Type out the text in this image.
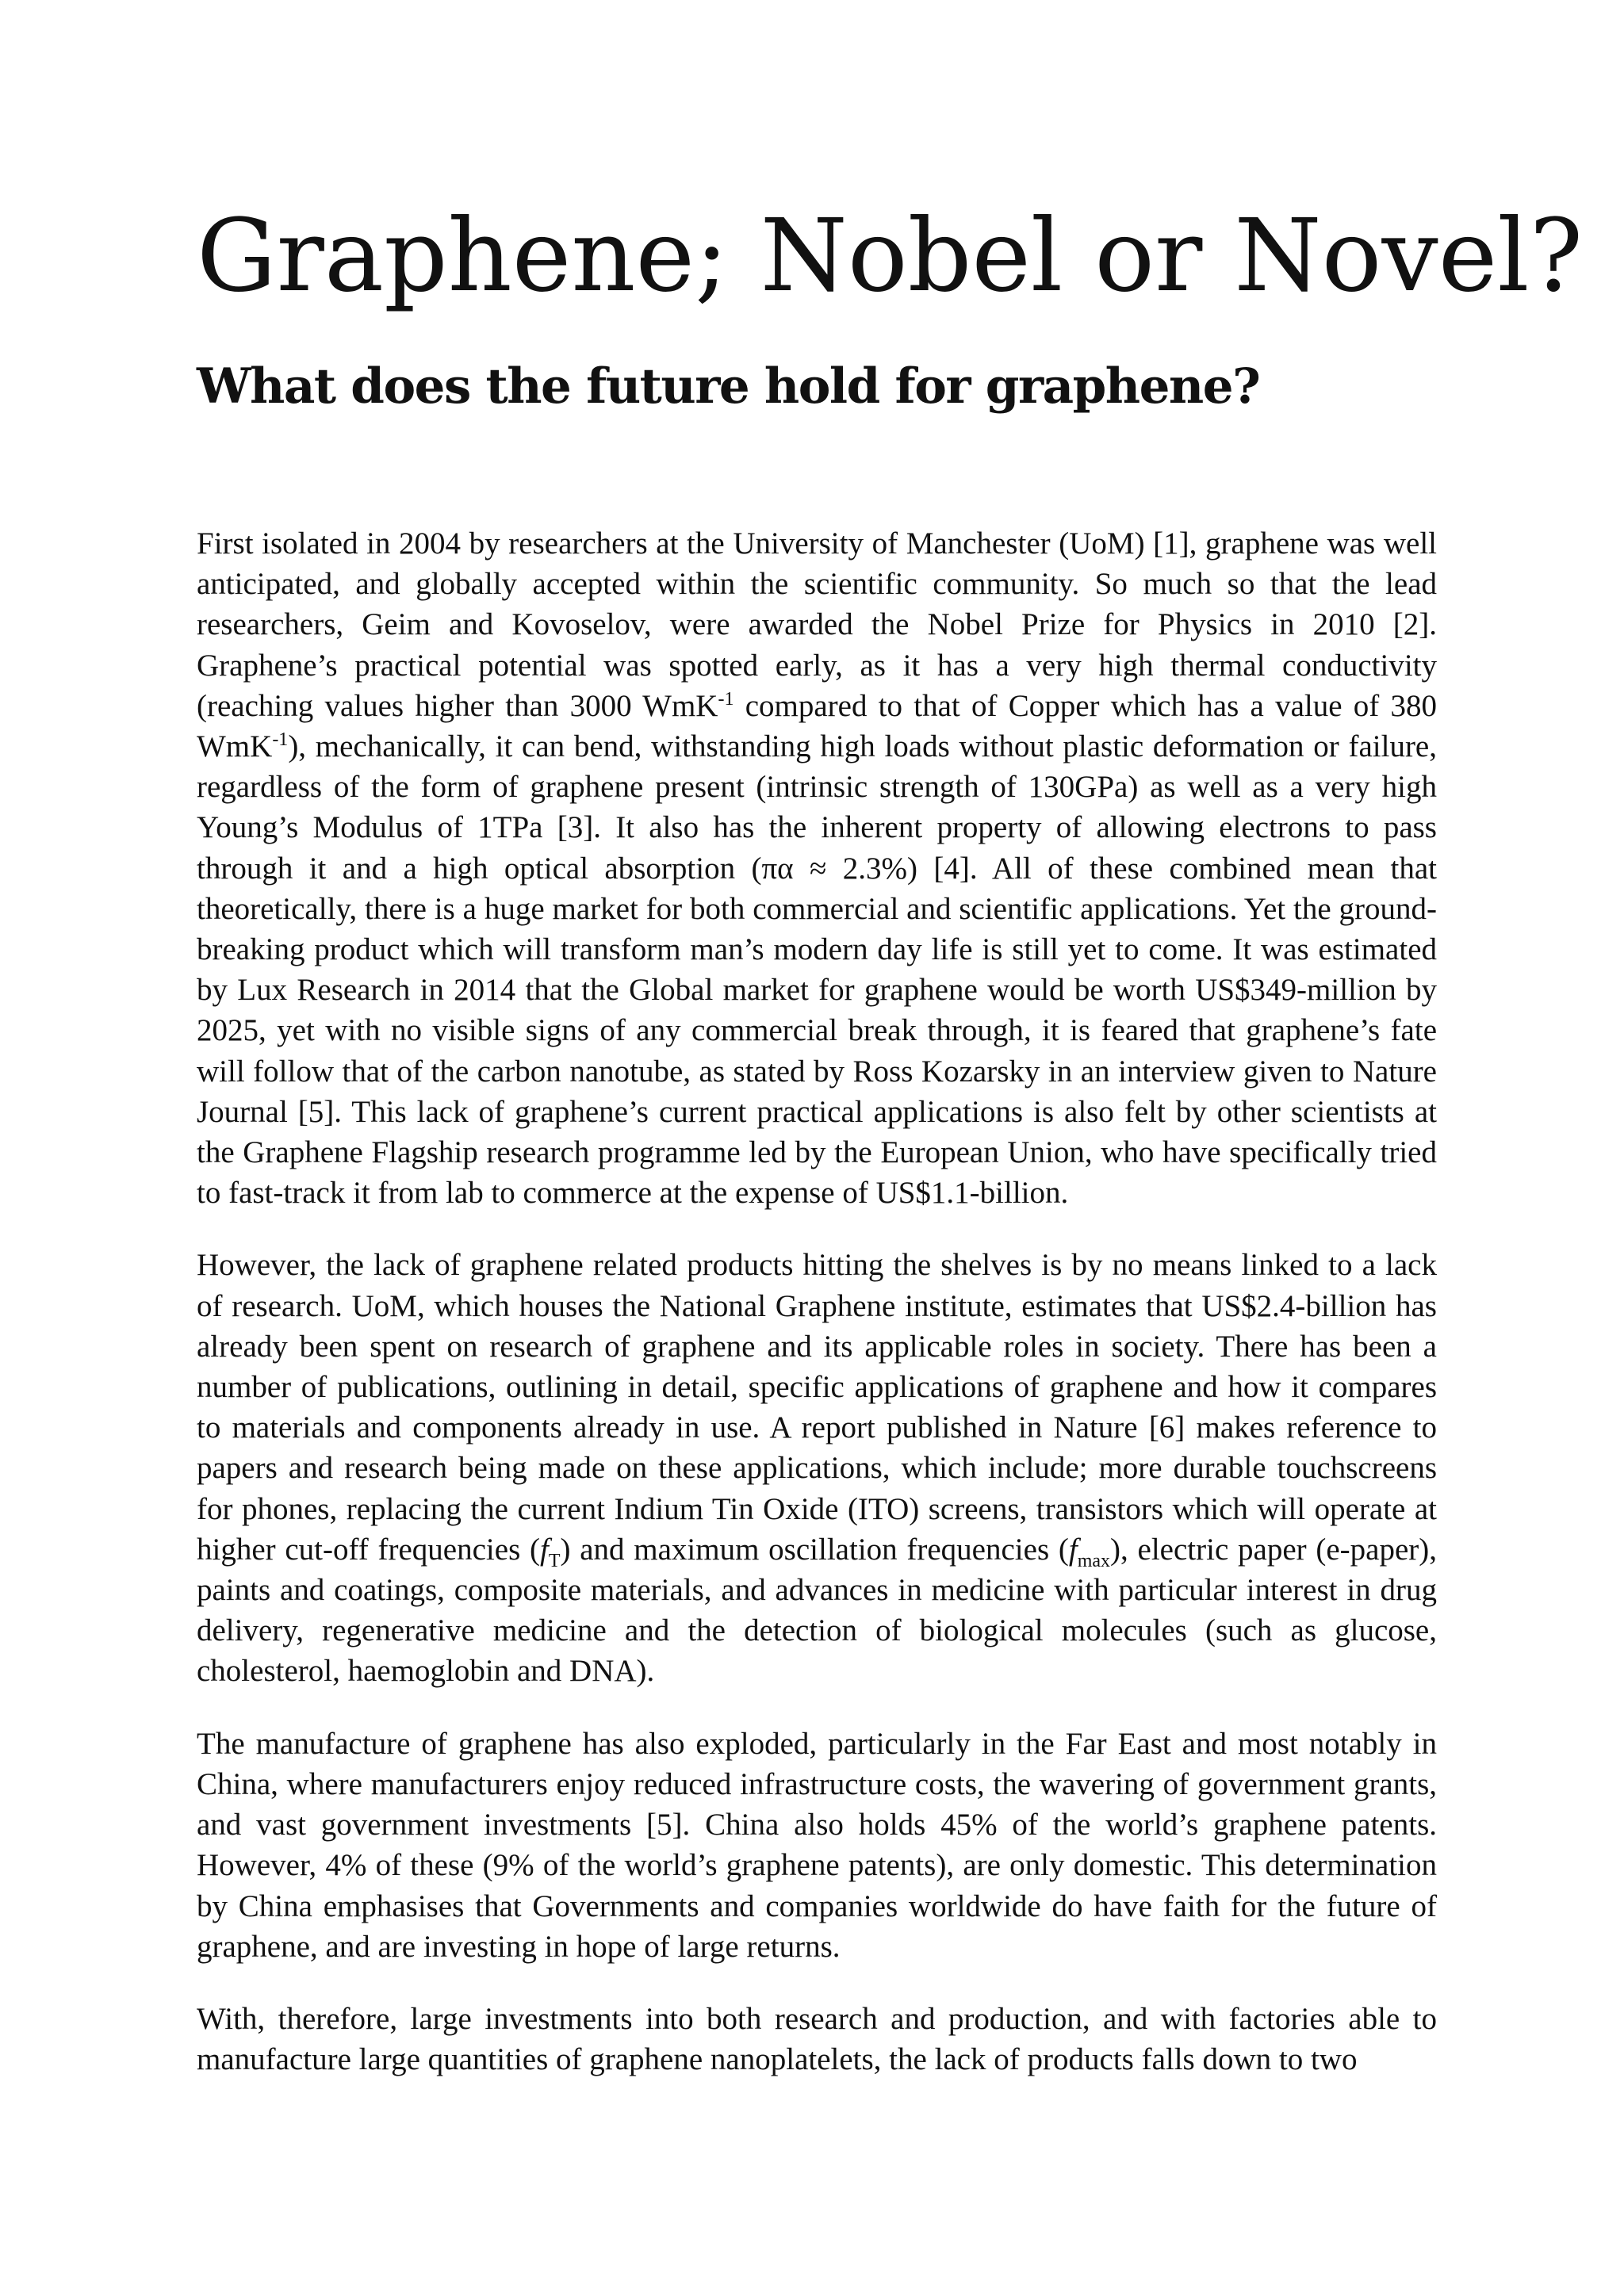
Graphene; Nobel or Novel?
What does the future hold for graphene?

First isolated in 2004 by researchers at the University of Manchester (UoM) [1], graphene was well anticipated, and globally accepted within the scientific community. So much so that the lead researchers, Geim and Kovoselov, were awarded the Nobel Prize for Physics in 2010 [2]. Graphene’s practical potential was spotted early, as it has a very high thermal conductivity (reaching values higher than 3000 WmK$^{-1}$ compared to that of Copper which has a value of 380 WmK$^{-1}$), mechanically, it can bend, withstanding high loads without plastic deformation or failure, regardless of the form of graphene present (intrinsic strength of 130GPa) as well as a very high Young’s Modulus of 1TPa [3]. It also has the inherent property of allowing electrons to pass through it and a high optical absorption (πα ≈ 2.3%) [4]. All of these combined mean that theoretically, there is a huge market for both commercial and scientific applications. Yet the ground-breaking product which will transform man’s modern day life is still yet to come. It was estimated by Lux Research in 2014 that the Global market for graphene would be worth US$349-million by 2025, yet with no visible signs of any commercial break through, it is feared that graphene’s fate will follow that of the carbon nanotube, as stated by Ross Kozarsky in an interview given to Nature Journal [5]. This lack of graphene’s current practical applications is also felt by other scientists at the Graphene Flagship research programme led by the European Union, who have specifically tried to fast-track it from lab to commerce at the expense of US$1.1-billion.

However, the lack of graphene related products hitting the shelves is by no means linked to a lack of research. UoM, which houses the National Graphene institute, estimates that US$2.4-billion has already been spent on research of graphene and its applicable roles in society. There has been a number of publications, outlining in detail, specific applications of graphene and how it compares to materials and components already in use. A report published in Nature [6] makes reference to papers and research being made on these applications, which include; more durable touchscreens for phones, replacing the current Indium Tin Oxide (ITO) screens, transistors which will operate at higher cut-off frequencies $(f_T)$ and maximum oscillation frequencies $(f_{max})$, electric paper (e-paper), paints and coatings, composite materials, and advances in medicine with particular interest in drug delivery, regenerative medicine and the detection of biological molecules (such as glucose, cholesterol, haemoglobin and DNA).

The manufacture of graphene has also exploded, particularly in the Far East and most notably in China, where manufacturers enjoy reduced infrastructure costs, the wavering of government grants, and vast government investments [5]. China also holds 45% of the world’s graphene patents. However, 4% of these (9% of the world’s graphene patents), are only domestic. This determination by China emphasises that Governments and companies worldwide do have faith for the future of graphene, and are investing in hope of large returns.

With, therefore, large investments into both research and production, and with factories able to manufacture large quantities of graphene nanoplatelets, the lack of products falls down to two
